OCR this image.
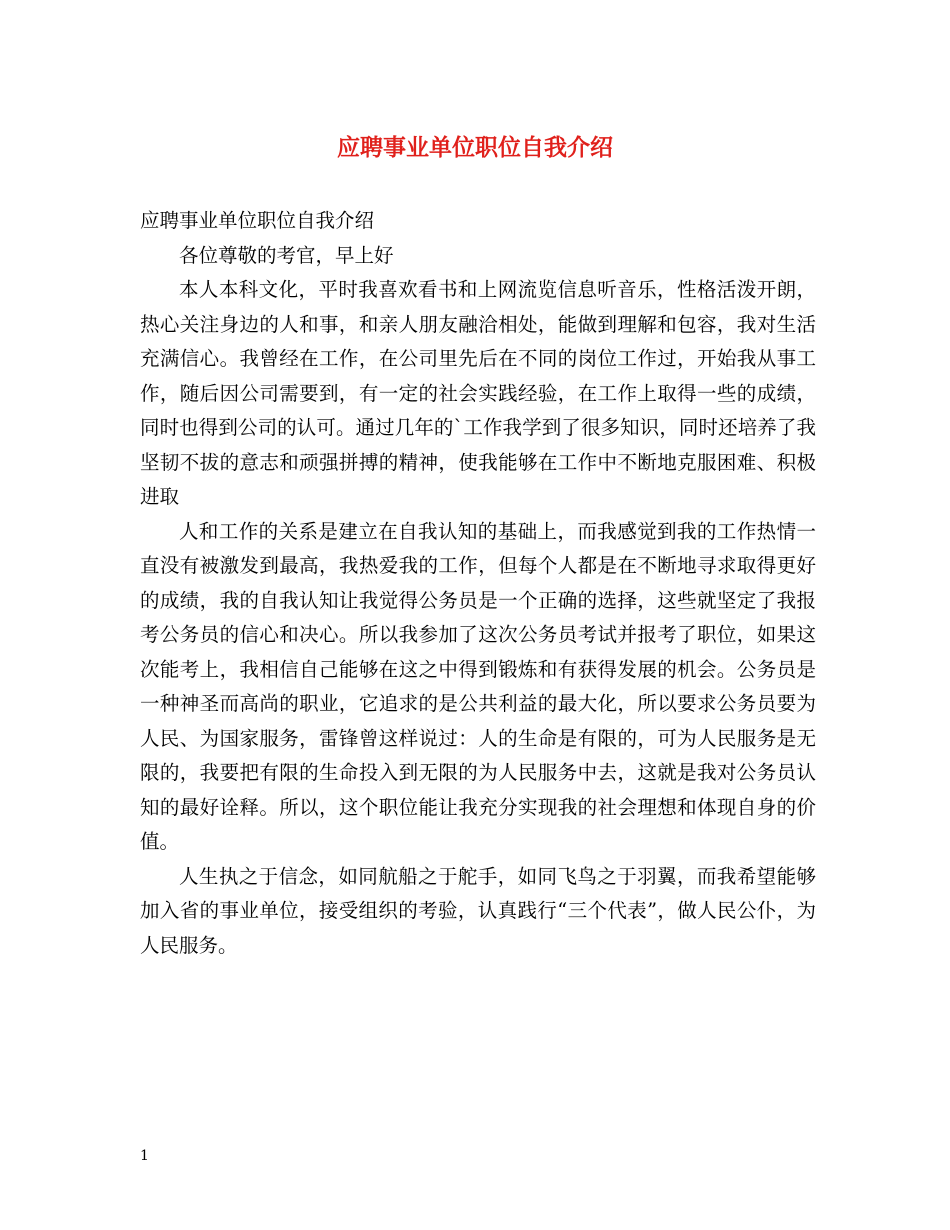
应聘事业单位职位自我介绍

应聘事业单位职位自我介绍

各位尊敬的考官，早上好

本人本科文化，平时我喜欢看书和上网流览信息听音乐，性格活泼开朗，热心关注身边的人和事，和亲人朋友融洽相处，能做到理解和包容，我对生活充满信心。我曾经在工作，在公司里先后在不同的岗位工作过，开始我从事工作，随后因公司需要到，有一定的社会实践经验，在工作上取得一些的成绩，同时也得到公司的认可。通过几年的`工作我学到了很多知识，同时还培养了我坚韧不拔的意志和顽强拼搏的精神，使我能够在工作中不断地克服困难、积极进取

人和工作的关系是建立在自我认知的基础上，而我感觉到我的工作热情一直没有被激发到最高，我热爱我的工作，但每个人都是在不断地寻求取得更好的成绩，我的自我认知让我觉得公务员是一个正确的选择，这些就坚定了我报考公务员的信心和决心。所以我参加了这次公务员考试并报考了职位，如果这次能考上，我相信自己能够在这之中得到锻炼和有获得发展的机会。公务员是一种神圣而高尚的职业，它追求的是公共利益的最大化，所以要求公务员要为人民、为国家服务，雷锋曾这样说过：人的生命是有限的，可为人民服务是无限的，我要把有限的生命投入到无限的为人民服务中去，这就是我对公务员认知的最好诠释。所以，这个职位能让我充分实现我的社会理想和体现自身的价值。

人生执之于信念，如同航船之于舵手，如同飞鸟之于羽翼，而我希望能够加入省的事业单位，接受组织的考验，认真践行“三个代表”，做人民公仆，为人民服务。

1
